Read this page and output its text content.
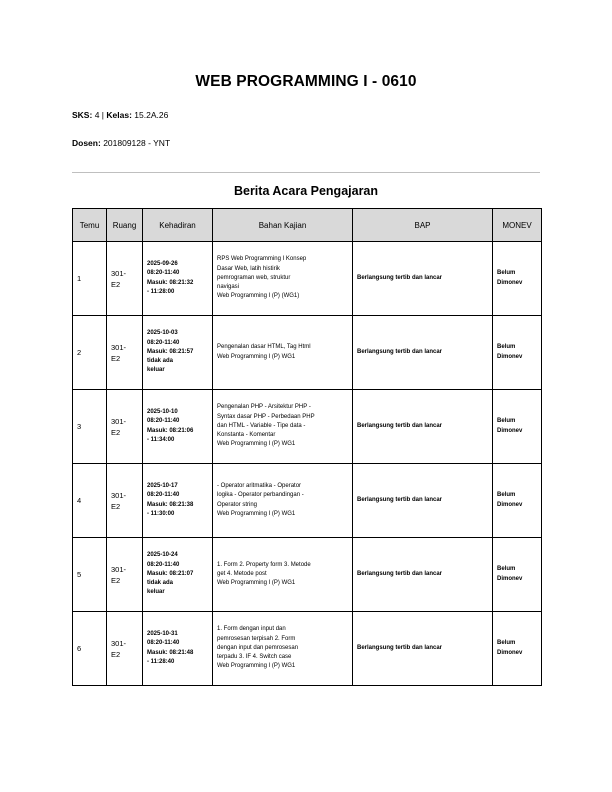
WEB PROGRAMMING I - 0610
SKS: 4 | Kelas: 15.2A.26
Dosen: 201809128 - YNT
Berita Acara Pengajaran
Temu	Ruang	Kehadiran	Bahan Kajian	BAP	MONEV
1	301-
E2	2025-09-26
08:20-11:40
Masuk: 08:21:32
- 11:28:00	RPS Web Programming I Konsep
Dasar Web, latih histirik
pemrograman web, struktur
navigasi
Web Programming I (P) (WG1)	Berlangsung tertib dan lancar	Belum
Dimonev

2	301-
E2	2025-10-03
08:20-11:40
Masuk: 08:21:57
tidak ada
keluar	Pengenalan dasar HTML, Tag Html
Web Programming I (P) WG1	Berlangsung tertib dan lancar	Belum
Dimonev

3	301-
E2	2025-10-10
08:20-11:40
Masuk: 08:21:06
- 11:34:00	Pengenalan PHP - Arsitektur PHP -
Syntax dasar PHP - Perbedaan PHP
dan HTML - Variable - Tipe data -
Konstanta - Komentar
Web Programming I (P) WG1	Berlangsung tertib dan lancar	Belum
Dimonev

4	301-
E2	2025-10-17
08:20-11:40
Masuk: 08:21:38
- 11:30:00	- Operator aritmatika - Operator
logika - Operator perbandingan -
Operator string
Web Programming I (P) WG1	Berlangsung tertib dan lancar	Belum
Dimonev

5	301-
E2	2025-10-24
08:20-11:40
Masuk: 08:21:07
tidak ada
keluar	1. Form 2. Property form 3. Metode
get 4. Metode post
Web Programming I (P) WG1	Berlangsung tertib dan lancar	Belum
Dimonev

6	301-
E2	2025-10-31
08:20-11:40
Masuk: 08:21:48
- 11:28:40	1. Form dengan input dan
pemrosesan terpisah 2. Form
dengan input dan pemrosesan
terpadu 3. IF 4. Switch case
Web Programming I (P) WG1	Berlangsung tertib dan lancar	Belum
Dimonev
